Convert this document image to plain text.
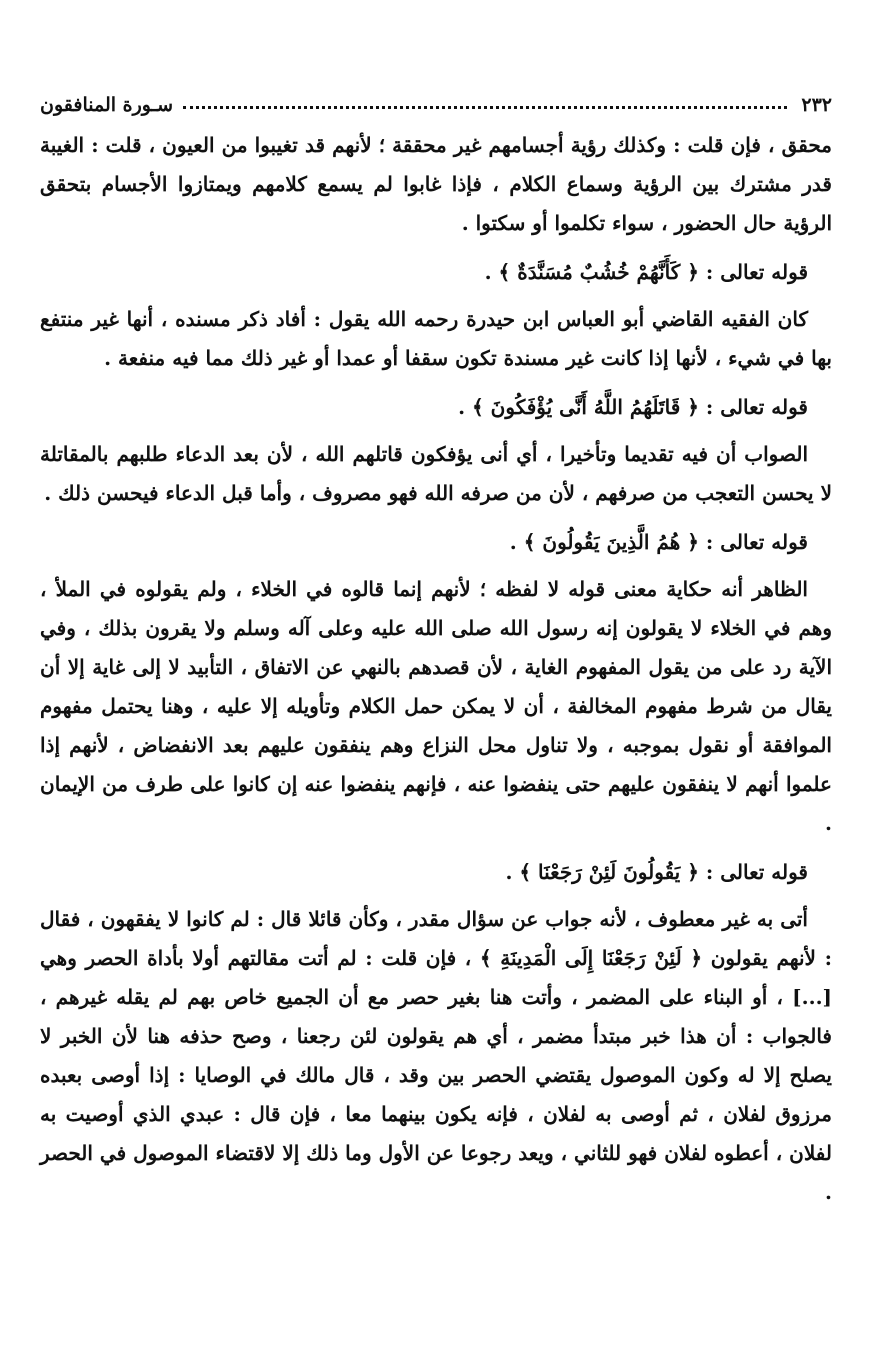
٢٣٢
سـورة المنافقون

محقق ، فإن قلت : وكذلك رؤية أجسامهم غير محققة ؛ لأنهم قد تغيبوا من العيون ، قلت : الغيبة قدر مشترك بين الرؤية وسماع الكلام ، فإذا غابوا لم يسمع كلامهم ويمتازوا الأجسام بتحقق الرؤية حال الحضور ، سواء تكلموا أو سكتوا .

قوله تعالى : ﴿ كَأَنَّهُمْ خُشُبٌ مُسَنَّدَةٌ ﴾ .

كان الفقيه القاضي أبو العباس ابن حيدرة رحمه الله يقول : أفاد ذكر مسنده ، أنها غير منتفع بها في شيء ، لأنها إذا كانت غير مسندة تكون سقفا أو عمدا أو غير ذلك مما فيه منفعة .

قوله تعالى : ﴿ قَاتَلَهُمُ اللَّهُ أَنَّى يُؤْفَكُونَ ﴾ .

الصواب أن فيه تقديما وتأخيرا ، أي أنى يؤفكون قاتلهم الله ، لأن بعد الدعاء طلبهم بالمقاتلة لا يحسن التعجب من صرفهم ، لأن من صرفه الله فهو مصروف ، وأما قبل الدعاء فيحسن ذلك .

قوله تعالى : ﴿ هُمُ الَّذِينَ يَقُولُونَ ﴾ .

الظاهر أنه حكاية معنى قوله لا لفظه ؛ لأنهم إنما قالوه في الخلاء ، ولم يقولوه في الملأ ، وهم في الخلاء لا يقولون إنه رسول الله صلى الله عليه وعلى آله وسلم ولا يقرون بذلك ، وفي الآية رد على من يقول المفهوم الغاية ، لأن قصدهم بالنهي عن الاتفاق ، التأبيد لا إلى غاية إلا أن يقال من شرط مفهوم المخالفة ، أن لا يمكن حمل الكلام وتأويله إلا عليه ، وهنا يحتمل مفهوم الموافقة أو نقول بموجبه ، ولا تناول محل النزاع وهم ينفقون عليهم بعد الانفضاض ، لأنهم إذا علموا أنهم لا ينفقون عليهم حتى ينفضوا عنه ، فإنهم ينفضوا عنه إن كانوا على طرف من الإيمان .

قوله تعالى : ﴿ يَقُولُونَ لَئِنْ رَجَعْنَا ﴾ .

أتى به غير معطوف ، لأنه جواب عن سؤال مقدر ، وكأن قائلا قال : لم كانوا لا يفقهون ، فقال : لأنهم يقولون ﴿ لَئِنْ رَجَعْنَا إِلَى الْمَدِينَةِ ﴾ ، فإن قلت : لم أتت مقالتهم أولا بأداة الحصر وهي [...] ، أو البناء على المضمر ، وأتت هنا بغير حصر مع أن الجميع خاص بهم لم يقله غيرهم ، فالجواب : أن هذا خبر مبتدأ مضمر ، أي هم يقولون لئن رجعنا ، وصح حذفه هنا لأن الخبر لا يصلح إلا له وكون الموصول يقتضي الحصر بين وقد ، قال مالك في الوصايا : إذا أوصى بعبده مرزوق لفلان ، ثم أوصى به لفلان ، فإنه يكون بينهما معا ، فإن قال : عبدي الذي أوصيت به لفلان ، أعطوه لفلان فهو للثاني ، ويعد رجوعا عن الأول وما ذلك إلا لاقتضاء الموصول في الحصر .
